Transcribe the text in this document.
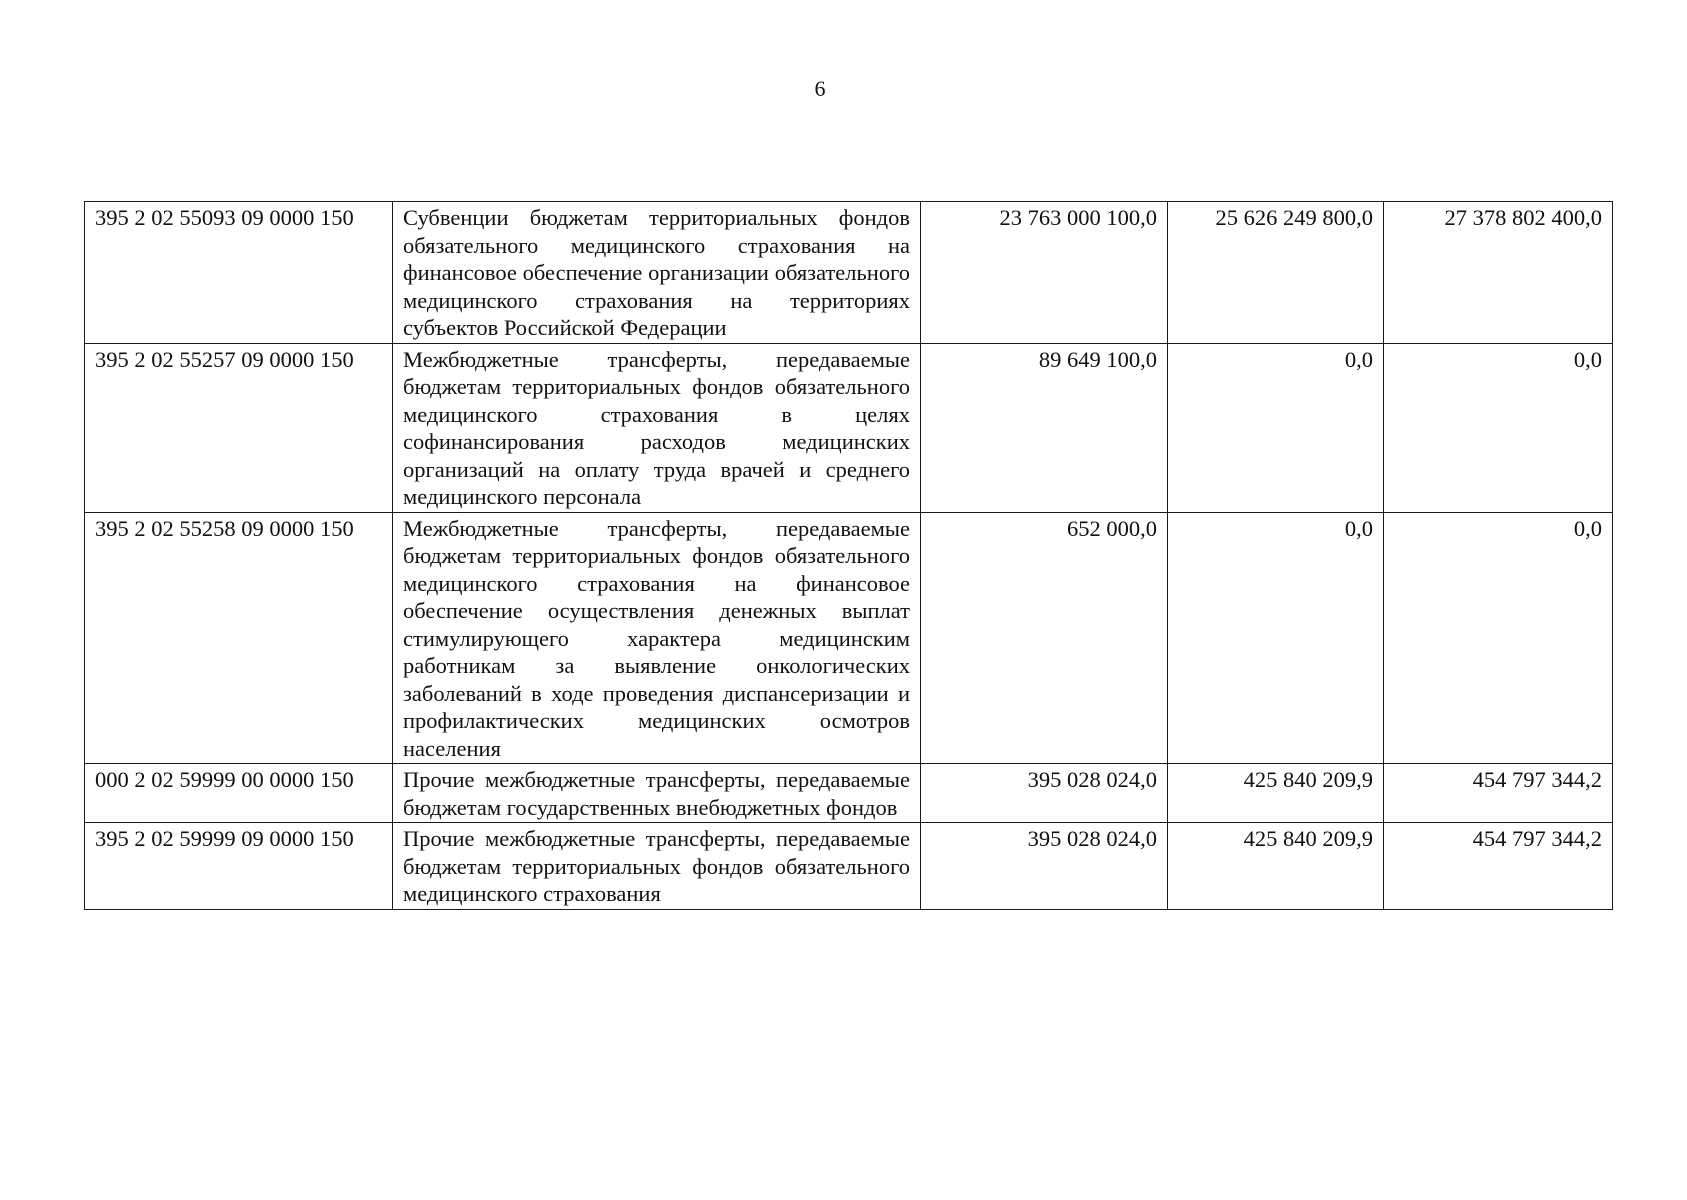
6
395 2 02 55093 09 0000 150	Субвенции бюджетам территориальных фондов обязательного медицинского страхования на финансовое обеспечение организации обязательного медицинского страхования на территориях субъектов Российской Федерации	23 763 000 100,0	25 626 249 800,0	27 378 802 400,0
395 2 02 55257 09 0000 150	Межбюджетные трансферты, передаваемые бюджетам территориальных фондов обязательного медицинского страхования в целях софинансирования расходов медицинских организаций на оплату труда врачей и среднего медицинского персонала	89 649 100,0	0,0	0,0
395 2 02 55258 09 0000 150	Межбюджетные трансферты, передаваемые бюджетам территориальных фондов обязательного медицинского страхования на финансовое обеспечение осуществления денежных выплат стимулирующего характера медицинским работникам за выявление онкологических заболеваний в ходе проведения диспансеризации и профилактических медицинских осмотров населения	652 000,0	0,0	0,0
000 2 02 59999 00 0000 150	Прочие межбюджетные трансферты, передаваемые бюджетам государственных внебюджетных фондов	395 028 024,0	425 840 209,9	454 797 344,2
395 2 02 59999 09 0000 150	Прочие межбюджетные трансферты, передаваемые бюджетам территориальных фондов обязательного медицинского страхования	395 028 024,0	425 840 209,9	454 797 344,2
